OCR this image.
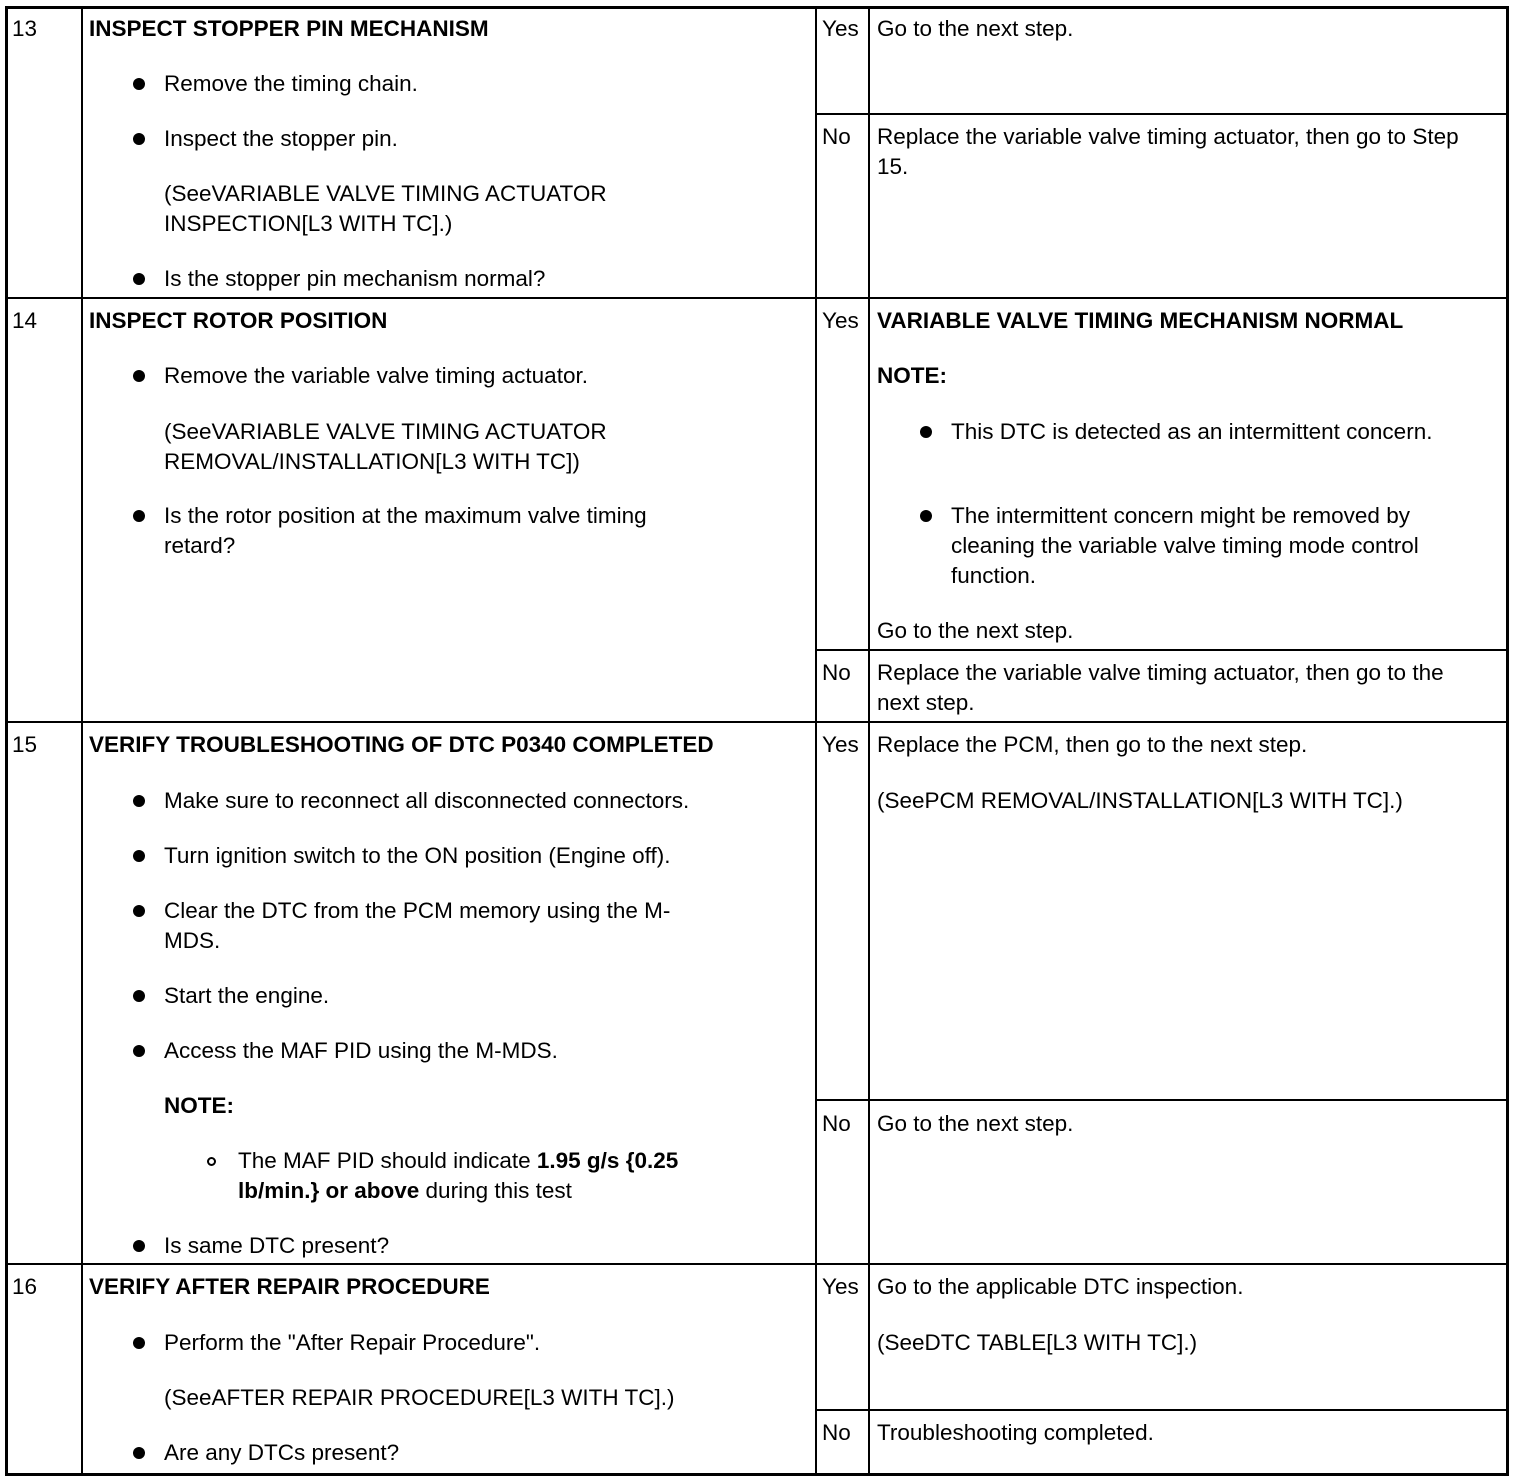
13 INSPECT STOPPER PIN MECHANISM
Remove the timing chain.
Inspect the stopper pin.
(SeeVARIABLE VALVE TIMING ACTUATOR INSPECTION[L3 WITH TC].)
Is the stopper pin mechanism normal?
Yes Go to the next step.
No Replace the variable valve timing actuator, then go to Step 15.
14 INSPECT ROTOR POSITION
Remove the variable valve timing actuator.
(SeeVARIABLE VALVE TIMING ACTUATOR REMOVAL/INSTALLATION[L3 WITH TC])
Is the rotor position at the maximum valve timing retard?
Yes VARIABLE VALVE TIMING MECHANISM NORMAL
NOTE:
This DTC is detected as an intermittent concern.
The intermittent concern might be removed by cleaning the variable valve timing mode control function.
Go to the next step.
No Replace the variable valve timing actuator, then go to the next step.
15 VERIFY TROUBLESHOOTING OF DTC P0340 COMPLETED
Make sure to reconnect all disconnected connectors.
Turn ignition switch to the ON position (Engine off).
Clear the DTC from the PCM memory using the M-MDS.
Start the engine.
Access the MAF PID using the M-MDS.
NOTE:
The MAF PID should indicate 1.95 g/s {0.25 lb/min.} or above during this test
Is same DTC present?
Yes Replace the PCM, then go to the next step.
(SeePCM REMOVAL/INSTALLATION[L3 WITH TC].)
No Go to the next step.
16 VERIFY AFTER REPAIR PROCEDURE
Perform the "After Repair Procedure".
(SeeAFTER REPAIR PROCEDURE[L3 WITH TC].)
Are any DTCs present?
Yes Go to the applicable DTC inspection.
(SeeDTC TABLE[L3 WITH TC].)
No Troubleshooting completed.
